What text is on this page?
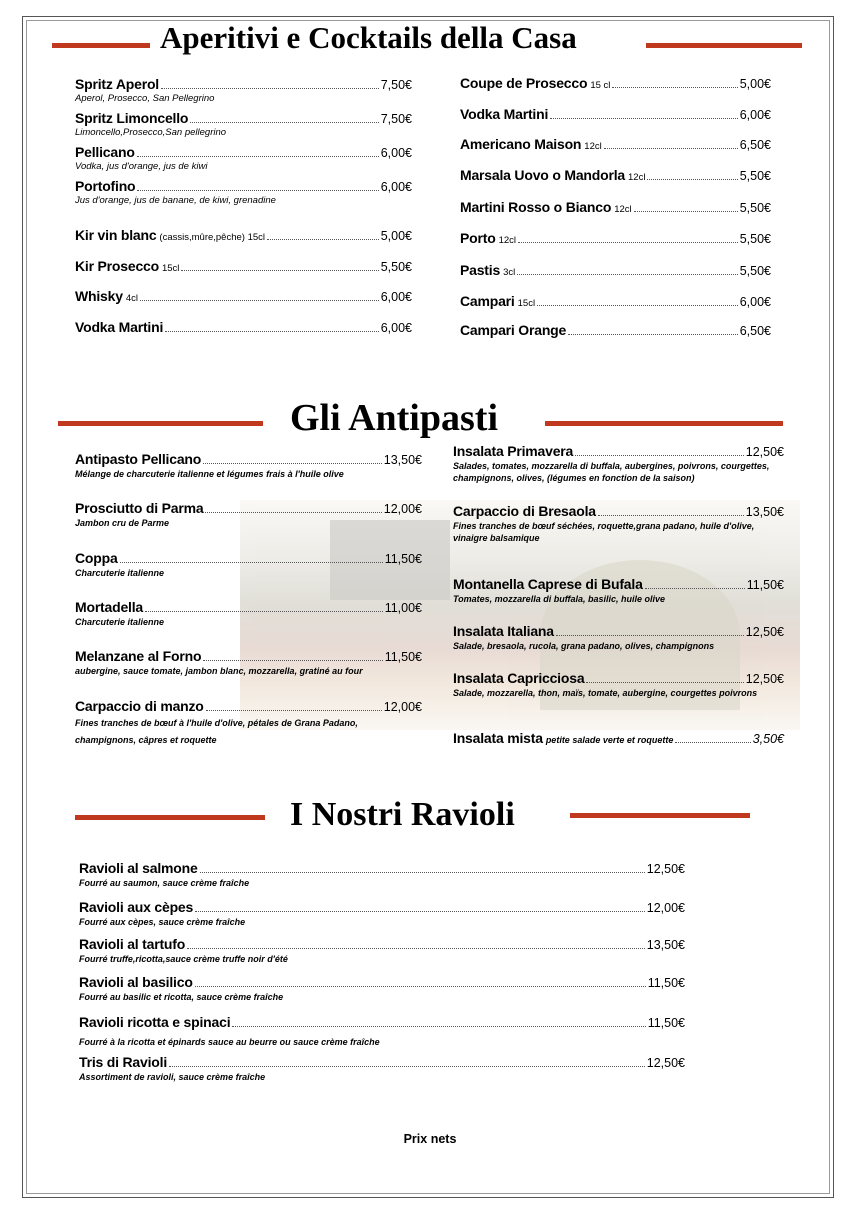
Aperitivi e Cocktails della Casa
Spritz Aperol	7,50€
Aperol, Prosecco, San Pellegrino
Spritz Limoncello	7,50€
Limoncello,Prosecco,San pellegrino
Pellicano	6,00€
Vodka, jus d'orange, jus de kiwi
Portofino	6,00€
Jus d'orange, jus de banane, de kiwi, grenadine
Kir vin blanc (cassis,mûre,pêche) 15cl	5,00€
Kir Prosecco 15cl	5,50€
Whisky 4cl	6,00€
Vodka Martini	6,00€
Coupe de Prosecco 15 cl	5,00€
Vodka Martini	6,00€
Americano Maison 12cl	6,50€
Marsala Uovo o Mandorla 12cl	5,50€
Martini Rosso o Bianco 12cl	5,50€
Porto 12cl	5,50€
Pastis 3cl	5,50€
Campari 15cl	6,00€
Campari Orange	6,50€
Gli Antipasti
Antipasto Pellicano	13,50€
Mélange de charcuterie italienne et légumes frais à l'huile olive
Prosciutto di Parma	12,00€
Jambon cru de Parme
Coppa	11,50€
Charcuterie italienne
Mortadella	11,00€
Charcuterie italienne
Melanzane al Forno	11,50€
aubergine, sauce tomate, jambon blanc, mozzarella, gratiné au four
Carpaccio di manzo	12,00€
Fines tranches de bœuf à l'huile d'olive, pétales de Grana Padano, champignons, câpres et roquette
Insalata Primavera	12,50€
Salades, tomates, mozzarella di buffala, aubergines, poivrons, courgettes, champignons, olives, (légumes en fonction de la saison)
Carpaccio di Bresaola	13,50€
Fines tranches de bœuf séchées, roquette,grana padano, huile d'olive, vinaigre balsamique
Montanella Caprese di Bufala	11,50€
Tomates, mozzarella di buffala, basilic, huile olive
Insalata Italiana	12,50€
Salade, bresaola, rucola, grana padano, olives, champignons
Insalata Capricciosa	12,50€
Salade, mozzarella, thon, maïs, tomate, aubergine, courgettes poivrons
Insalata mista petite salade verte et roquette	3,50€
I Nostri Ravioli
Ravioli al salmone	12,50€
Fourré au saumon, sauce crème fraîche
Ravioli aux cèpes	12,00€
Fourré aux cèpes, sauce crème fraîche
Ravioli al tartufo	13,50€
Fourré truffe,ricotta,sauce crème truffe noir d'été
Ravioli al basilico	11,50€
Fourré au basilic et ricotta, sauce crème fraîche
Ravioli ricotta e spinaci	11,50€
Fourré à la ricotta et épinards sauce au beurre ou sauce crème fraîche
Tris di Ravioli	12,50€
Assortiment de ravioli, sauce crème fraîche
Prix nets
